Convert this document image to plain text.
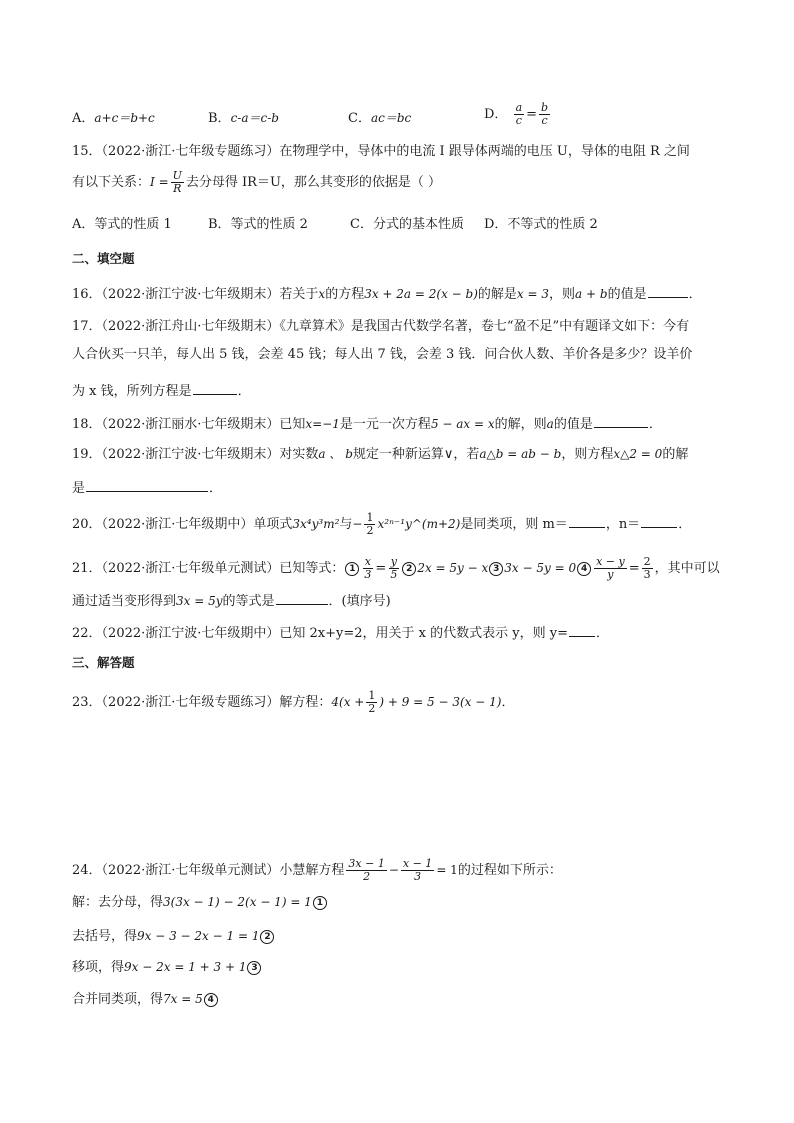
A．a+c＝b+c	B．c-a＝c-b	C．ac＝bc	D． $\frac{a}{c} = \frac{b}{c}$
15．（2022·浙江·七年级专题练习）在物理学中，导体中的电流 I 跟导体两端的电压 U，导体的电阻 R 之间
有以下关系：$I = \frac{U}{R}$ 去分母得 IR＝U，那么其变形的依据是（ ）
A．等式的性质 1	B．等式的性质 2	C．分式的基本性质 D．不等式的性质 2
二、填空题
16．（2022·浙江宁波·七年级期末）若关于x的方程3x + 2a = 2(x − b)的解是x = 3，则a + b的值是	．
17．（2022·浙江舟山·七年级期末）《九章算术》是我国古代数学名著，卷七“盈不足”中有题译文如下：今有
人合伙买一只羊，每人出 5 钱，会差 45 钱；每人出 7 钱，会差 3 钱．问合伙人数、羊价各是多少？设羊价
为 x 钱，所列方程是	．
18．（2022·浙江丽水·七年级期末）已知x=−1是一元一次方程5 − ax = x的解，则a的值是	．
19．（2022·浙江宁波·七年级期末）对实数a 、 b规定一种新运算∨，若a△b = ab − b，则方程x△2 = 0的解
是	．
20．（2022·浙江·七年级期中）单项式3x⁴y³m²与− $\frac{1}{2}$ x²ⁿ⁻¹y^(m+2)是同类项，则 m＝	，n＝	．
21．（2022·浙江·七年级单元测试）已知等式： $1 \frac{x}{3} = \frac{y}{5} 2$ 2x = 5y − x 3 3x − 5y = 0 $4 \frac{x - y}{y} = \frac{2}{3}$ ，其中可以
通过适当变形得到3x = 5y的等式是	．(填序号)
22．（2022·浙江宁波·七年级期中）已知 2x+y=2，用关于 x 的代数式表示 y，则 y= ．
三、解答题
23．（2022·浙江·七年级专题练习）解方程：$4(x + \frac{1}{2}$ ) + 9 = 5 − 3(x − 1)．
24．（2022·浙江·七年级单元测试）小慧解方程 $\frac{3x - 1}{2} - \frac{x - 1}{3} = 1$的过程如下所示：
解：去分母，得3(3x − 1) − 2(x − 1) = 1 1
去括号，得9x − 3 − 2x − 1 = 1 2
移项，得9x − 2x = 1 + 3 + 1 3
合并同类项，得7x = 5 4
